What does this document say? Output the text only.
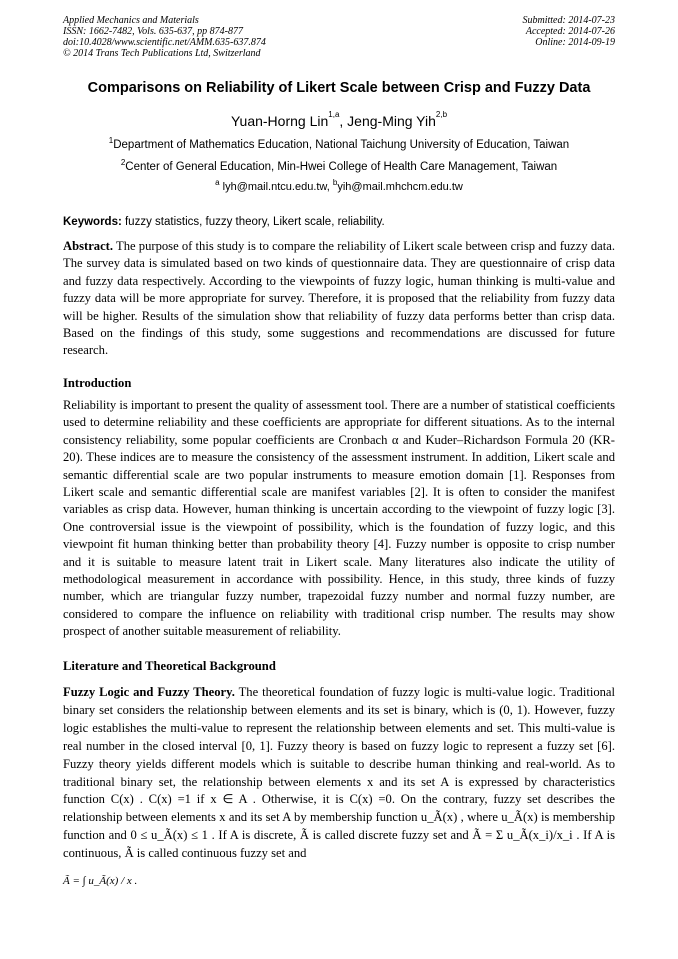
Applied Mechanics and Materials
ISSN: 1662-7482, Vols. 635-637, pp 874-877
doi:10.4028/www.scientific.net/AMM.635-637.874
© 2014 Trans Tech Publications Ltd, Switzerland
Submitted: 2014-07-23
Accepted: 2014-07-26
Online: 2014-09-19
Comparisons on Reliability of Likert Scale between Crisp and Fuzzy Data
Yuan-Horng Lin$^{1,a}$, Jeng-Ming Yih$^{2,b}$
$^1$Department of Mathematics Education, National Taichung University of Education, Taiwan
$^2$Center of General Education, Min-Hwei College of Health Care Management, Taiwan
$^a$ lyh@mail.ntcu.edu.tw, $^b$yih@mail.mhchcm.edu.tw
Keywords: fuzzy statistics, fuzzy theory, Likert scale, reliability.
Abstract. The purpose of this study is to compare the reliability of Likert scale between crisp and fuzzy data. The survey data is simulated based on two kinds of questionnaire data. They are questionnaire of crisp data and fuzzy data respectively. According to the viewpoints of fuzzy logic, human thinking is multi-value and fuzzy data will be more appropriate for survey. Therefore, it is proposed that the reliability from fuzzy data will be higher. Results of the simulation show that reliability of fuzzy data performs better than crisp data. Based on the findings of this study, some suggestions and recommendations are discussed for future research.
Introduction
Reliability is important to present the quality of assessment tool. There are a number of statistical coefficients used to determine reliability and these coefficients are appropriate for different situations. As to the internal consistency reliability, some popular coefficients are Cronbach α and Kuder–Richardson Formula 20 (KR-20). These indices are to measure the consistency of the assessment instrument. In addition, Likert scale and semantic differential scale are two popular instruments to measure emotion domain [1]. Responses from Likert scale and semantic differential scale are manifest variables [2]. It is often to consider the manifest variables as crisp data. However, human thinking is uncertain according to the viewpoint of fuzzy logic [3]. One controversial issue is the viewpoint of possibility, which is the foundation of fuzzy logic, and this viewpoint fit human thinking better than probability theory [4]. Fuzzy number is opposite to crisp number and it is suitable to measure latent trait in Likert scale. Many literatures also indicate the utility of methodological measurement in accordance with possibility. Hence, in this study, three kinds of fuzzy number, which are triangular fuzzy number, trapezoidal fuzzy number and normal fuzzy number, are considered to compare the influence on reliability with traditional crisp number. The results may show prospect of another suitable measurement of reliability.
Literature and Theoretical Background
Fuzzy Logic and Fuzzy Theory. The theoretical foundation of fuzzy logic is multi-value logic. Traditional binary set considers the relationship between elements and its set is binary, which is (0, 1). However, fuzzy logic establishes the multi-value to represent the relationship between elements and set. This multi-value is real number in the closed interval [0, 1]. Fuzzy theory is based on fuzzy logic to represent a fuzzy set [6]. Fuzzy theory yields different models which is suitable to describe human thinking and real-world. As to traditional binary set, the relationship between elements x and its set A is expressed by characteristics function C(x) . C(x) =1 if x ∈ A . Otherwise, it is C(x) =0. On the contrary, fuzzy set describes the relationship between elements x and its set A by membership function u_Ã(x) , where u_Ã(x) is membership function and 0 ≤ u_Ã(x) ≤ 1 . If A is discrete, Ã is called discrete fuzzy set and Ã = Σ u_Ã(x_i)/x_i . If A is continuous, Ã is called continuous fuzzy set and
Ã = ∫ u_Ã(x) / x .
